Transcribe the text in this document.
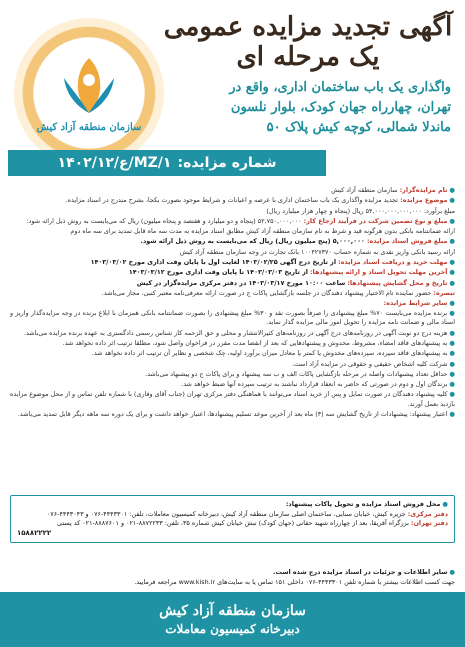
آگهی تجدید مزایده عمومی
یک مرحله ای
واگذاری یک باب ساختمان اداری، واقع در
تهران، چهارراه جهان کودک، بلوار نلسون
ماندلا شمالی، کوچه کیش پلاک ۵۰
سازمان منطقه آزاد کیش
شماره مزایده:
۱۴۰۲/۱۲/ع/MZ/۱

●نام مزایده‌گزار: سازمان منطقه آزاد کیش

●موضوع مزایده: تجدید مزایده واگذاری یک باب ساختمان اداری با عرصه و اعیانات و شرایط موجود بصورت یکجا، بشرح مندرج در اسناد مزایده.

مبلغ برآورد: ۵۴,۰۰۰,۰۰۰,۰۰۰,۰۰۰ ریال (پنجاه و چهار هزار میلیارد ریال)

●مبلغ و نوع تضمین شرکت در فرآیند ارجاع کار: ۵۲,۷۵۰,۰۰۰,۰۰۰ (پنجاه و دو میلیارد و هفتصد و پنجاه میلیون) ریال که می‌بایست به روش ذیل ارائه شود:

ارائه ضمانتنامه بانکی بدون هرگونه قید و شرط به نام سازمان منطقه آزاد کیش مطابق اسناد مزایده به مدت سه ماه قابل تمدید برای سه ماه دوم

●مبلغ فروش اسناد مزایده: ۵,۰۰۰,۰۰۰ (پنج میلیون ریال) ریال که می‌بایست به روش ذیل ارائه شود.

ارائه رسید بانکی واریز نقدی به شماره حساب ۱۰۰۴۲۷۳۷۰ بانک تجارت در وجه سازمان منطقه آزاد کیش

●مهلت خرید و دریافت اسناد مزایده: از تاریخ درج آگهی ۱۴۰۳/۰۲/۲۵ لغایت اول با پایان وقت اداری مورخ ۱۴۰۳/۰۳/۰۲

●آخرین مهلت تحویل اسناد و ارائه پیشنهادها: از تاریخ ۱۴۰۳/۰۳/۰۳ تا پایان وقت اداری مورخ ۱۴۰۳/۰۳/۱۲

●تاریخ و محل گشایش پیشنهادها: ساعت ۱۰:۰۰ مورخ ۱۴۰۳/۰۳/۱۷ در دفتر مرکزی مزایده‌گزار در کیش

تبصره: حضور نماینده تام الاختیار پیشنهاد دهندگان در جلسه بازگشایی پاکات ج در صورت ارائه معرفی‌نامه معتبر کتبی، مجاز می‌باشد.

●سایر شرایط مزایده:

●برنده مزایده می‌بایست ۷۰% مبلغ پیشنهادی را صرفاً بصورت نقد و ۳۰% مبلغ پیشنهادی را بصورت ضمانتنامه بانکی همزمان با ابلاغ برنده در وجه مزایده‌گذار واریز و اسناد مالی و ضمانت نامه مزایده را تحویل امور مالی مزایده گذار نماید.

●هزینه درج دو نوبت آگهی در روزنامه‌های درج آگهی در روزنامه‌های کثیرالانتشار و محلی و حق الزحمه کار شناس رسمی دادگستری به عهده برنده مزایده می‌باشد.

●به پیشنهادهای فاقد امضاء، مشروط، مخدوش و پیشنهادهایی که بعد از انقضا مدت مقرر در فراخوان واصل شود، مطلقا ترتیب اثر داده نخواهد شد.

●به پیشنهادهای فاقد سپرده، سپرده‌های مخدوش یا کمتر یا معادل میزان برآورد اولیه، چک شخصی و نظایر آن ترتیب اثر داده نخواهد شد.

●شرکت کلیه اشخاص حقیقی و حقوقی در مزایده آزاد است.

●حداقل تعداد پیشنهادات واصله در مرحله بازگشایی پاکات الف و ب سه پیشنهاد و برای پاکات ج دو پیشنهاد می‌باشد.

●برندگان اول و دوم در صورتی که حاضر به انعقاد قرارداد نباشند به ترتیب سپرده آنها ضبط خواهد شد.

●کلیه پیشنهاد دهندگان در صورت تمایل و پس از خرید اسناد می‌توانند با هماهنگی دفتر مرکزی تهران (جناب آقای وفاری) با شماره تلفن تماس و از محل موضوع مزایده بازدید بعمل آورند.

●اعتبار پیشنهاد: پیشنهادات از تاریخ گشایش سه (۳) ماه بعد از آخرین موعد تسلیم پیشنهادها، اعتبار خواهد داشت و برای یک دوره سه ماهه دیگر قابل تمدید می‌باشد.

●محل فروش اسناد مزایده و تحویل پاکات پیشنهاد:
دفتر مرکزی: جزیره کیش، خیابان سنایی، ساختمان اصلی سازمان منطقه آزاد کیش، دبیرخانه کمیسیون معاملات، تلفن: ۴۴۴۳۳۰۱-۰۷۶ و ۴۴۴۳۰۴۳-۰۷۶
دفتر تهران: بزرگراه آفریقا، بعد از چهارراه شهید حقانی (جهان کودک) نبش خیابان کیش شماره ۳۵، تلفن: ۸۸۷۲۲۳۳-۰۲۱ و ۸۸۸۷۶۰۱-۰۲۱ کد پستی
۱۵۸۸۲۲۲۲
●سایر اطلاعات و جزئیات در اسناد مزایده درج شده است.
جهت کسب اطلاعات بیشتر با شماره تلفن ۴۴۴۳۳۰۱-۰۷۶ داخلی ۱۵۱ تماس یا به سایت‌های www.kish.ir مراجعه فرمایید.
سازمان منطقه آزاد کیش
دبیرخانه کمیسیون معاملات
